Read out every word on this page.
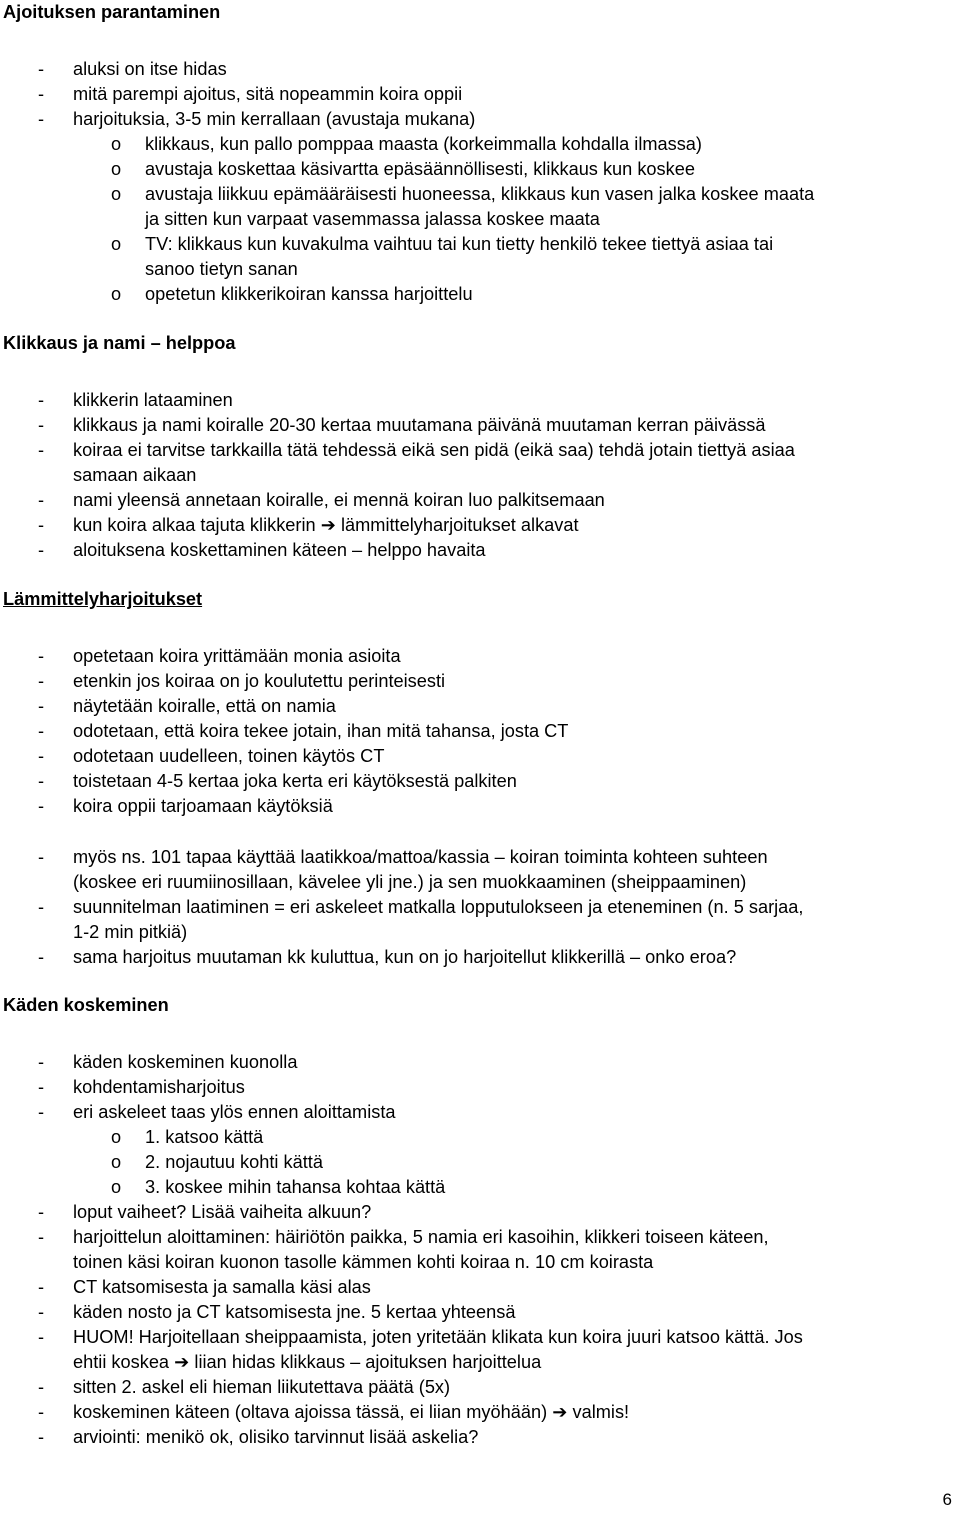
Ajoituksen parantaminen
- aluksi on itse hidas
- mitä parempi ajoitus, sitä nopeammin koira oppii
- harjoituksia, 3-5 min kerrallaan (avustaja mukana)
o klikkaus, kun pallo pomppaa maasta (korkeimmalla kohdalla ilmassa)
o avustaja koskettaa käsivartta epäsäännöllisesti, klikkaus kun koskee
o avustaja liikkuu epämääräisesti huoneessa, klikkaus kun vasen jalka koskee maata
ja sitten kun varpaat vasemmassa jalassa koskee maata
o TV: klikkaus kun kuvakulma vaihtuu tai kun tietty henkilö tekee tiettyä asiaa tai
sanoo tietyn sanan
o opetetun klikkerikoiran kanssa harjoittelu
Klikkaus ja nami – helppoa
- klikkerin lataaminen
- klikkaus ja nami koiralle 20-30 kertaa muutamana päivänä muutaman kerran päivässä
- koiraa ei tarvitse tarkkailla tätä tehdessä eikä sen pidä (eikä saa) tehdä jotain tiettyä asiaa
samaan aikaan
- nami yleensä annetaan koiralle, ei mennä koiran luo palkitsemaan
- kun koira alkaa tajuta klikkerin ➔ lämmittelyharjoitukset alkavat
- aloituksena koskettaminen käteen – helppo havaita
Lämmittelyharjoitukset
- opetetaan koira yrittämään monia asioita
- etenkin jos koiraa on jo koulutettu perinteisesti
- näytetään koiralle, että on namia
- odotetaan, että koira tekee jotain, ihan mitä tahansa, josta CT
- odotetaan uudelleen, toinen käytös CT
- toistetaan 4-5 kertaa joka kerta eri käytöksestä palkiten
- koira oppii tarjoamaan käytöksiä
- myös ns. 101 tapaa käyttää laatikkoa/mattoa/kassia – koiran toiminta kohteen suhteen
(koskee eri ruumiinosillaan, kävelee yli jne.) ja sen muokkaaminen (sheippaaminen)
- suunnitelman laatiminen = eri askeleet matkalla lopputulokseen ja eteneminen (n. 5 sarjaa,
1-2 min pitkiä)
- sama harjoitus muutaman kk kuluttua, kun on jo harjoitellut klikkerillä – onko eroa?
Käden koskeminen
- käden koskeminen kuonolla
- kohdentamisharjoitus
- eri askeleet taas ylös ennen aloittamista
o 1. katsoo kättä
o 2. nojautuu kohti kättä
o 3. koskee mihin tahansa kohtaa kättä
- loput vaiheet? Lisää vaiheita alkuun?
- harjoittelun aloittaminen: häiriötön paikka, 5 namia eri kasoihin, klikkeri toiseen käteen,
toinen käsi koiran kuonon tasolle kämmen kohti koiraa n. 10 cm koirasta
- CT katsomisesta ja samalla käsi alas
- käden nosto ja CT katsomisesta jne. 5 kertaa yhteensä
- HUOM! Harjoitellaan sheippaamista, joten yritetään klikata kun koira juuri katsoo kättä. Jos
ehtii koskea ➔ liian hidas klikkaus – ajoituksen harjoittelua
- sitten 2. askel eli hieman liikutettava päätä (5x)
- koskeminen käteen (oltava ajoissa tässä, ei liian myöhään) ➔ valmis!
- arviointi: menikö ok, olisiko tarvinnut lisää askelia?
6
